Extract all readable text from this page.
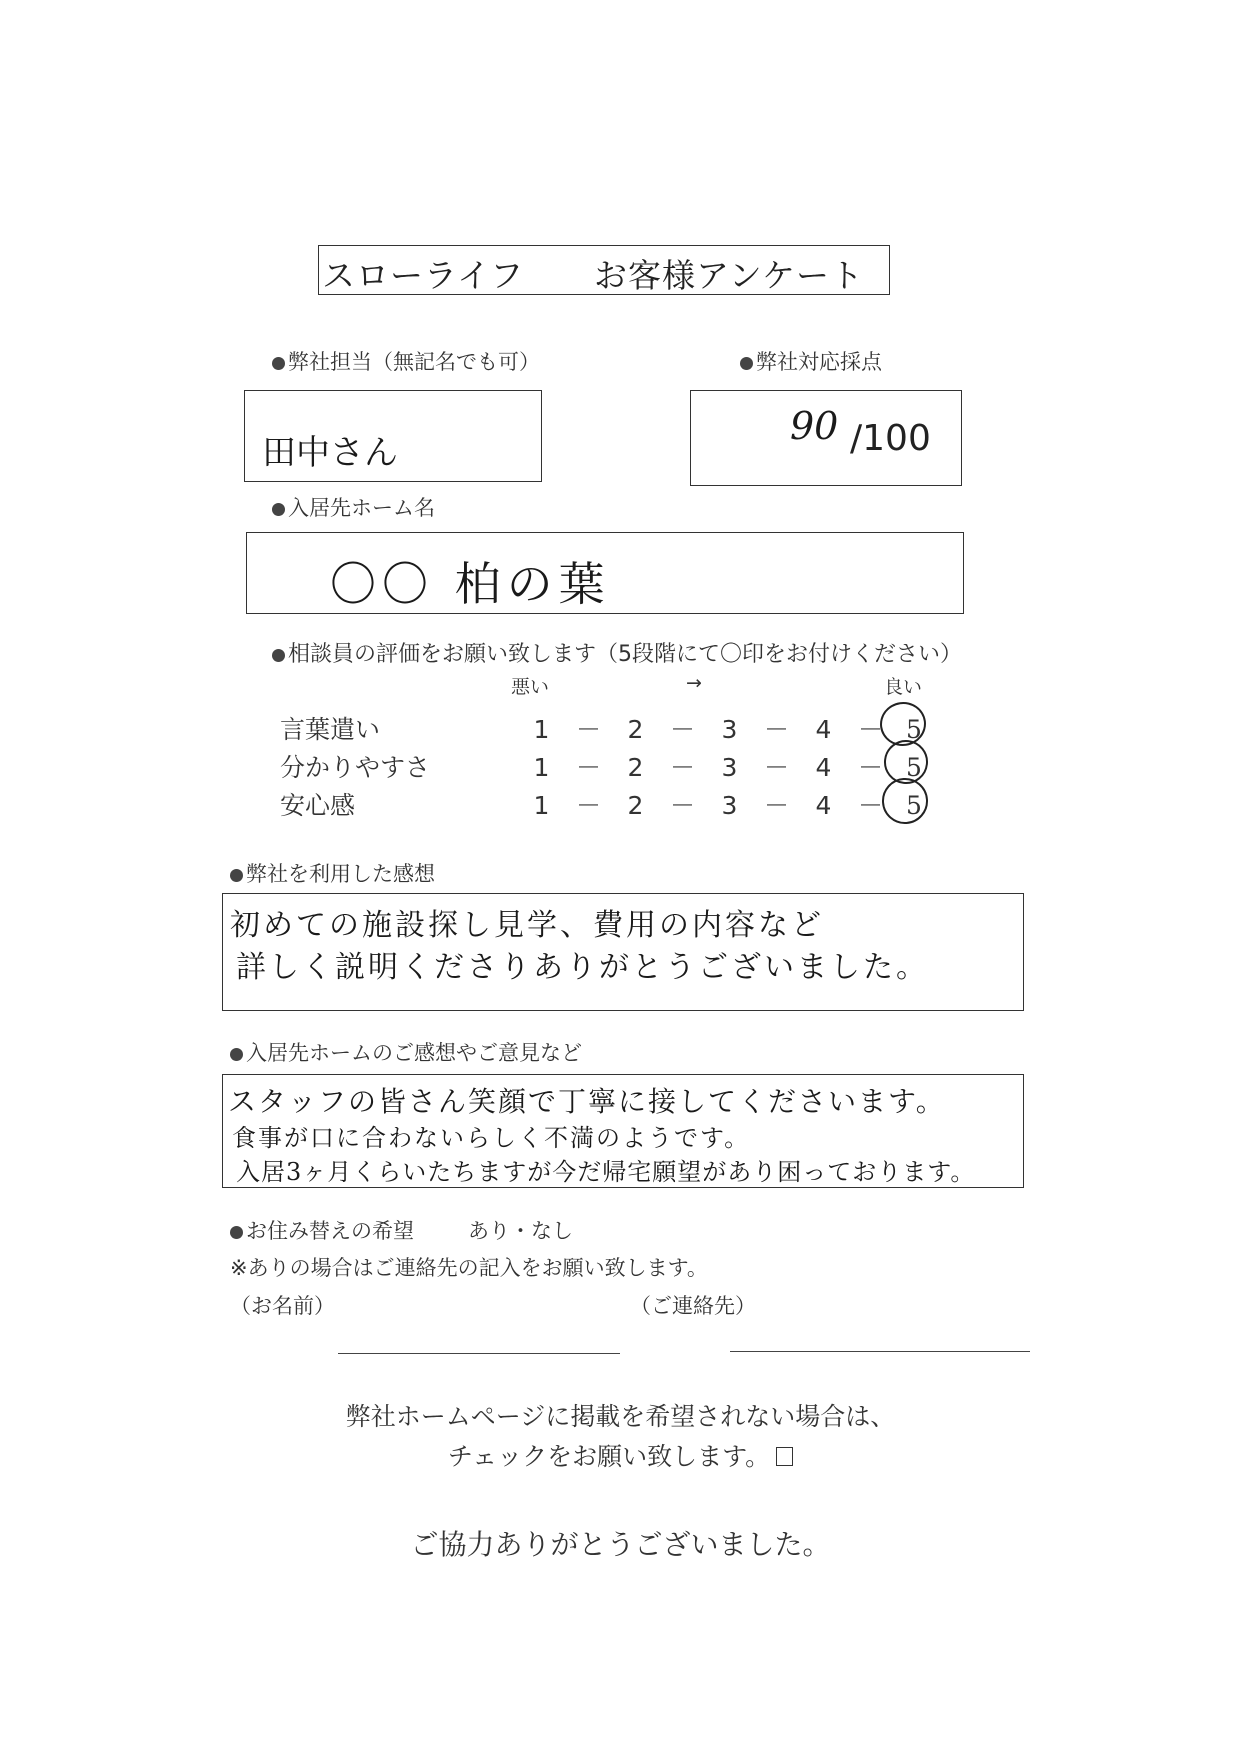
スローライフ お客様アンケート
弊社担当（無記名でも可）
田中さん
弊社対応採点
90 /100
入居先ホーム名
〇〇 柏の葉
相談員の評価をお願い致します（5段階にて〇印をお付けください）
悪い	→	良い
言葉遣い	1 － 2 － 3 － 4 － 5
分かりやすさ	1 － 2 － 3 － 4 － 5
安心感	1 － 2 － 3 － 4 － 5
弊社を利用した感想
初めての施設探し見学、費用の内容など
詳しく説明くださりありがとうございました。
入居先ホームのご感想やご意見など
スタッフの皆さん笑顔で丁寧に接してくださいます。
食事が口に合わないらしく不満のようです。
入居3ヶ月くらいたちますが今だ帰宅願望があり困っております。
お住み替えの希望	あり・なし
※ありの場合はご連絡先の記入をお願い致します。
（お名前）	（ご連絡先）
弊社ホームページに掲載を希望されない場合は、
チェックをお願い致します。
ご協力ありがとうございました。
